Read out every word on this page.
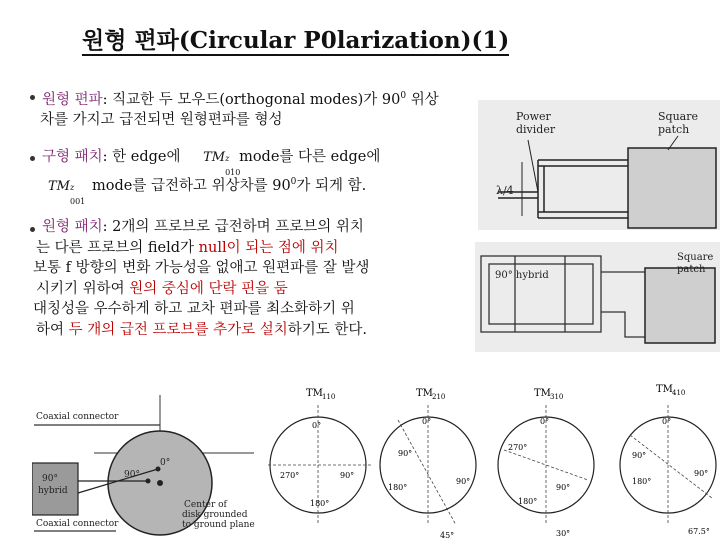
원형 편파(Circular P0larization)(1)
원형 편파: 직교한 두 모우드(orthogonal modes)가 $90^0$ 위상
차를 가지고 급전되면 원형편파를 형성
구형 패치: 한 edge에 TM z
010
mode를 다른 edge에
TM z
001
mode를 급전하고 위상차를 $90^0$가 되게 함.
원형 패치: 2개의 프로브로 급전하며 프로브의 위치
는 다른 프로브의 field가 null이 되는 점에 위치
보통 f 방향의 변화 가능성을 없애고 원편파를 잘 발생
시키기 위하여 원의 중심에 단락 핀을 둠
대칭성을 우수하게 하고 교차 편파를 최소화하기 위
하여 두 개의 급전 프로브를 추가로 설치하기도 한다.
Power
divider
Square
patch
λ/4
90° hybrid
Square
patch
Coaxial connector
90°
hybrid
0°
90°
Center of
disk grounded
to ground plane
Coaxial connector
TM 110
0°
270°	90°
180°
TM 210
0°
90°
180°
90°
45°
TM 310
0°
270°
90°
180°
30°
TM 410
0°
90°
180°
90°
67.5°
